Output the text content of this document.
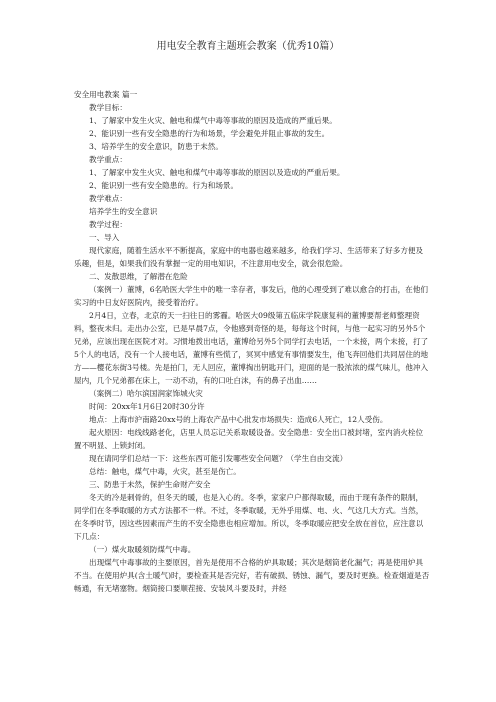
用电安全教育主题班会教案（优秀10篇）

安全用电教案 篇一

教学目标：

1、了解家中发生火灾、触电和煤气中毒等事故的原因及造成的严重后果。

2、能识别一些有安全隐患的行为和场景，学会避免并阻止事故的发生。

3、培养学生的安全意识，防患于未然。

教学重点：

1、了解家中发生火灾、触电和煤气中毒等事故的原因以及造成的严重后果。

2、能识别一些有安全隐患的。行为和场景。

教学难点：

培养学生的安全意识

教学过程：

一、导入

现代家庭，随着生活水平不断提高，家庭中的电器也越来越多，给我们学习、生活带来了好多方便及乐趣，但是，如果我们没有掌握一定的用电知识，不注意用电安全，就会很危险。

二、发散思维，了解潜在危险

（案例一）董博，6名哈医大学生中的唯一幸存者，事发后，他的心理受到了难以愈合的打击，在他们实习的中日友好医院内，接受着治疗。

2月4日，立春，北京的天一扫往日的雾霾。哈医大09级第五临床学院康复科的董博要帮老师整理资料，整夜未归。走出办公室，已是早晨7点，令他感到奇怪的是，每每这个时间，与他一起实习的另外5个兄弟，应该出现在医院才对。习惯地拨出电话，董博给另外5个同学打去电话，一个未接，两个未接，打了5个人的电话，没有一个人接电话，董博有些慌了，冥冥中感觉有事情要发生，他飞奔回他们共同居住的地方——樱花东街3号楼。先是拍门，无人回应，董博掏出钥匙开门，迎面的是一股浓浓的煤气味儿，他冲入屋内，几个兄弟都在床上，一动不动，有的口吐白沫，有的鼻子出血……

（案例二）哈尔滨国润家饰城火灾

时间：20xx年1月6日20时30分许

地点：上海市沪南路20xx号的上海农产品中心批发市场损失：造成6人死亡，12人受伤。

起火原因：电线线路老化，店里人员忘记关系取暖设备。安全隐患：安全出口被封堵，室内消火栓位置不明显、上锁封闭。

现在请同学们总结一下：这些东西可能引发哪些安全问题？（学生自由交流）

总结：触电，煤气中毒，火灾，甚至是伤亡。

三、防患于未然，保护生命财产安全

冬天的冷是刺骨的，但冬天的暖，也是入心的。冬季，家家户户都得取暖，而由于现有条件的限制，同学们在冬季取暖的方式方法都不一样。不过，冬季取暖，无外乎用煤、电、火、气这几大方式。当然，在冬季时节，因这些因素而产生的不安全隐患也相应增加。所以，冬季取暖应把安全放在首位，应注意以下几点：

（一）煤火取暖须防煤气中毒。

出现煤气中毒事故的主要原因，首先是使用不合格的炉具取暖；其次是烟筒老化漏气；再是使用炉具不当。在使用炉具(含土暖气)时，要检查其是否完好，若有破损、锈蚀、漏气，要及时更换。检查烟道是否畅通，有无堵塞物。烟筒接口要顺茬接、安装风斗要及时，并经
